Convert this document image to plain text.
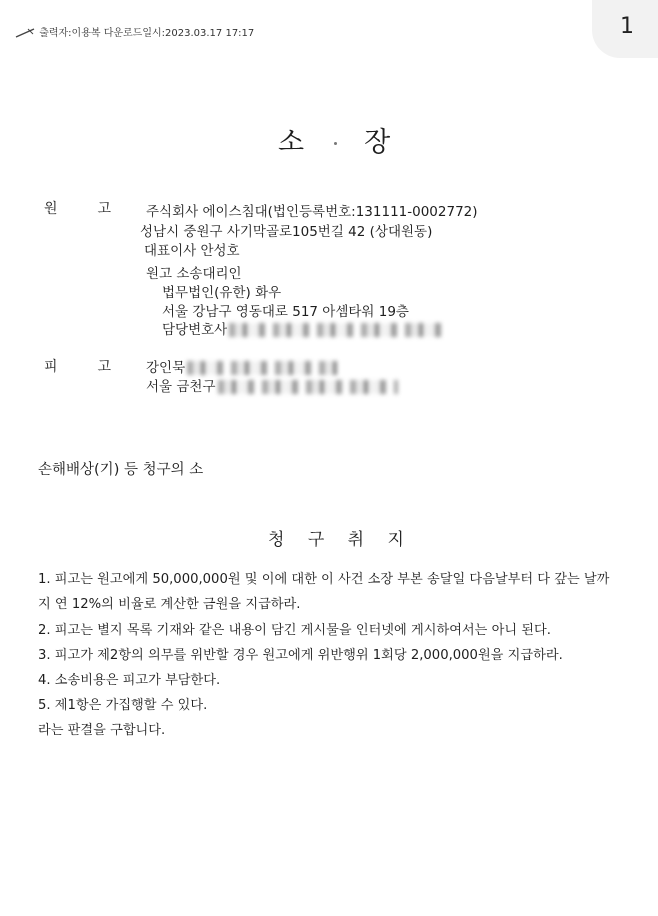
출력자:이용복 다운로드일시:2023.03.17 17:17	1
소 장
원	고	주식회사 에이스침대(법인등록번호:131111-0002772)
성남시 중원구 사기막골로105번길 42 (상대원동)
대표이사 안성호
원고 소송대리인
법무법인(유한) 화우
서울 강남구 영동대로 517 아셈타워 19층
담당변호사
피	고	강인묵
서울 금천구
손해배상(기) 등 청구의 소
청 구 취 지
1. 피고는 원고에게 50,000,000원 및 이에 대한 이 사건 소장 부본 송달일 다음날부터 다 갚는 날까
지 연 12%의 비율로 계산한 금원을 지급하라.
2. 피고는 별지 목록 기재와 같은 내용이 담긴 게시물을 인터넷에 게시하여서는 아니 된다.
3. 피고가 제2항의 의무를 위반할 경우 원고에게 위반행위 1회당 2,000,000원을 지급하라.
4. 소송비용은 피고가 부담한다.
5. 제1항은 가집행할 수 있다.
라는 판결을 구합니다.
